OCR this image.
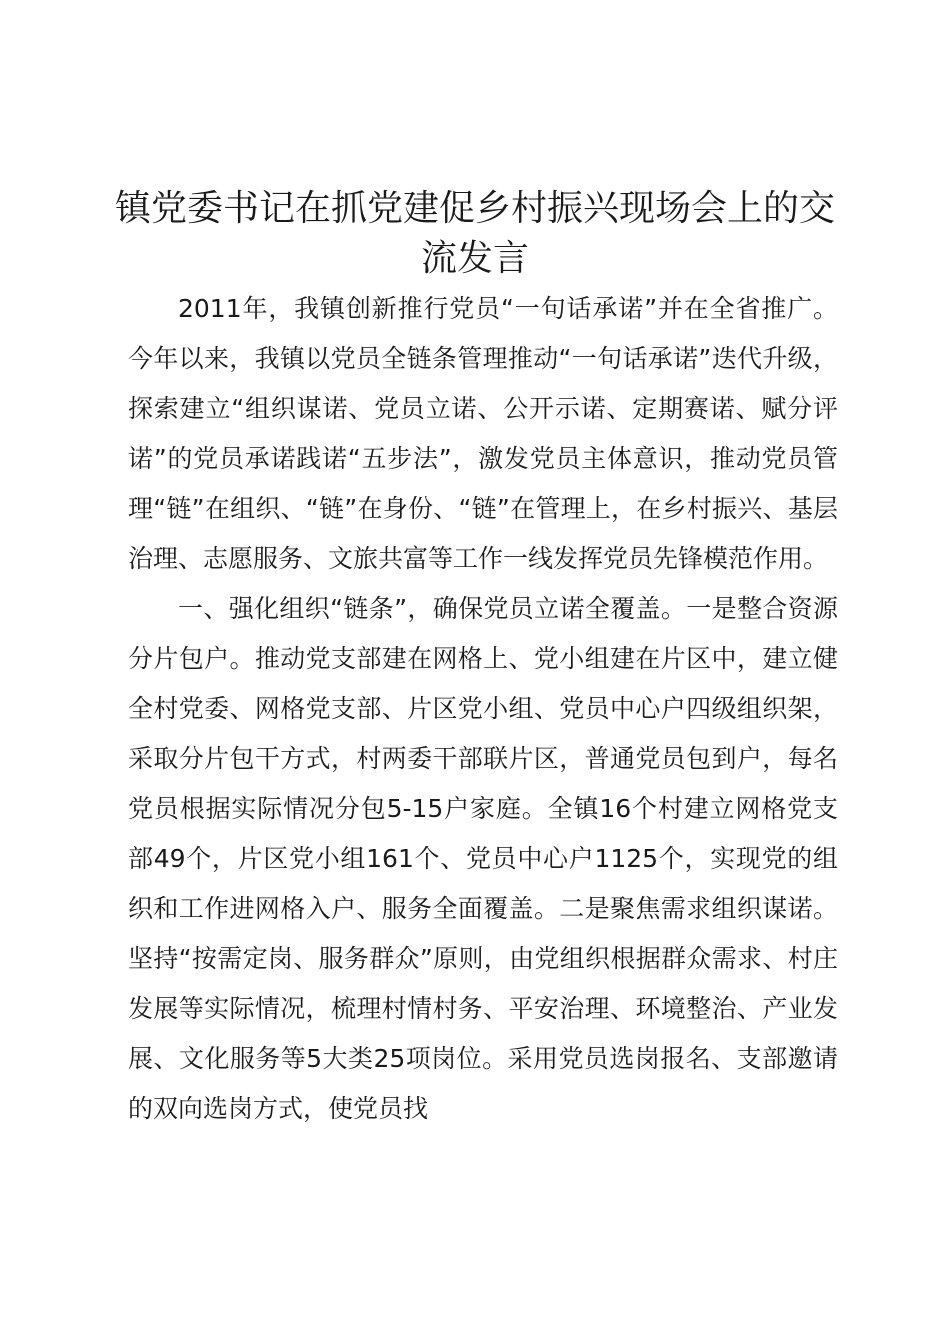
镇党委书记在抓党建促乡村振兴现场会上的交流发言

2011年，我镇创新推行党员“一句话承诺”并在全省推广。今年以来，我镇以党员全链条管理推动“一句话承诺”迭代升级，探索建立“组织谋诺、党员立诺、公开示诺、定期赛诺、赋分评诺”的党员承诺践诺“五步法”，激发党员主体意识，推动党员管理“链”在组织、“链”在身份、“链”在管理上，在乡村振兴、基层治理、志愿服务、文旅共富等工作一线发挥党员先锋模范作用。

一、强化组织“链条”，确保党员立诺全覆盖。一是整合资源分片包户。推动党支部建在网格上、党小组建在片区中，建立健全村党委、网格党支部、片区党小组、党员中心户四级组织架，采取分片包干方式，村两委干部联片区，普通党员包到户，每名党员根据实际情况分包5-15户家庭。全镇16个村建立网格党支部49个，片区党小组161个、党员中心户1125个，实现党的组织和工作进网格入户、服务全面覆盖。二是聚焦需求组织谋诺。坚持“按需定岗、服务群众”原则，由党组织根据群众需求、村庄发展等实际情况，梳理村情村务、平安治理、环境整治、产业发展、文化服务等5大类25项岗位。采用党员选岗报名、支部邀请的双向选岗方式，使党员找
